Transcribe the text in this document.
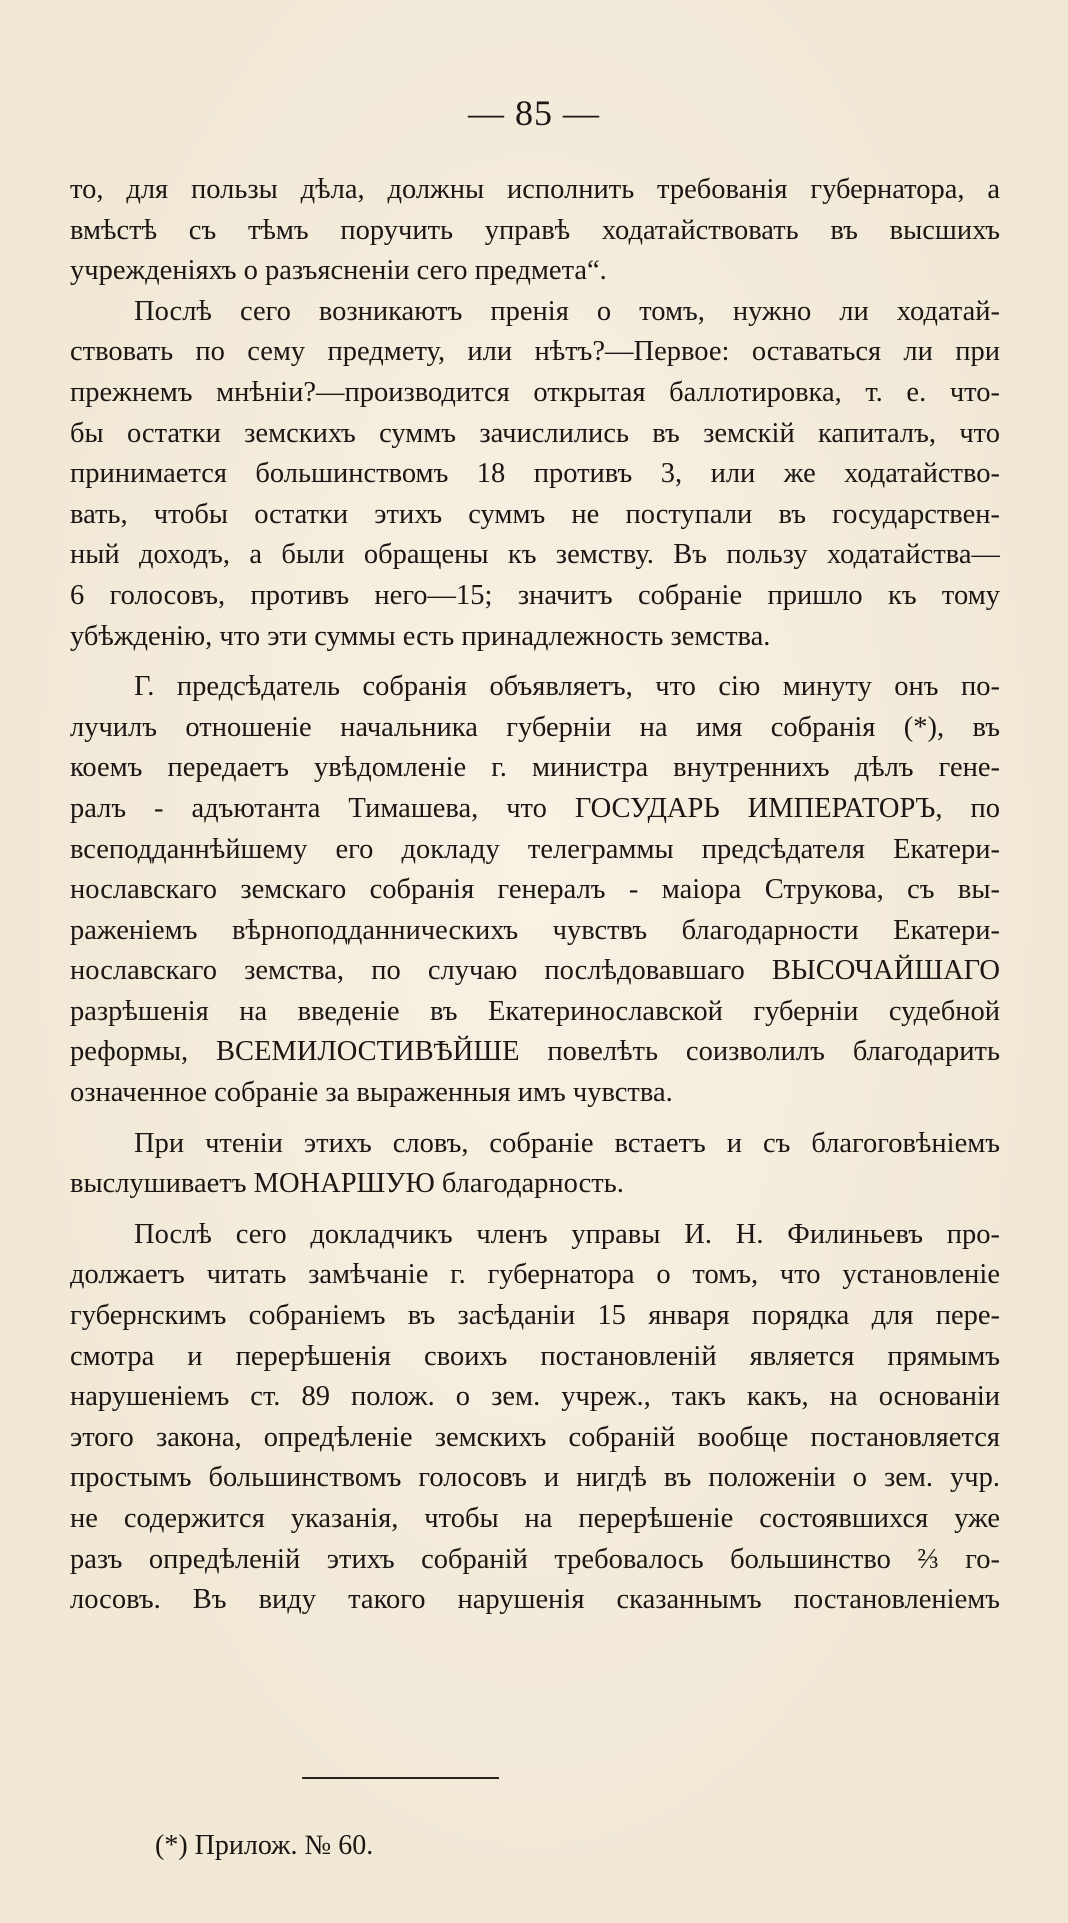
— 85 —
то, для пользы дѣла, должны исполнить требованія губернатора, а
вмѣстѣ съ тѣмъ поручить управѣ ходатайствовать въ высшихъ
учрежденіяхъ о разъясненіи сего предмета“.
Послѣ сего возникаютъ пренія о томъ, нужно ли ходатай-
ствовать по сему предмету, или нѣтъ?—Первое: оставаться ли при
прежнемъ мнѣніи?—производится открытая баллотировка, т. е. что-
бы остатки земскихъ суммъ зачислились въ земскій капиталъ, что
принимается большинствомъ 18 противъ 3, или же ходатайство-
вать, чтобы остатки этихъ суммъ не поступали въ государствен-
ный доходъ, а были обращены къ земству. Въ пользу ходатайства—
6 голосовъ, противъ него—15; значитъ собраніе пришло къ тому
убѣжденію, что эти суммы есть принадлежность земства.
Г. предсѣдатель собранія объявляетъ, что сію минуту онъ по-
лучилъ отношеніе начальника губерніи на имя собранія (*), въ
коемъ передаетъ увѣдомленіе г. министра внутреннихъ дѣлъ гене-
ралъ - адъютанта Тимашева, что ГОСУДАРЬ ИМПЕРАТОРЪ, по
всеподданнѣйшему его докладу телеграммы предсѣдателя Екатери-
нославскаго земскаго собранія генералъ - маіора Струкова, съ вы-
раженіемъ вѣрноподданническихъ чувствъ благодарности Екатери-
нославскаго земства, по случаю послѣдовавшаго ВЫСОЧАЙШАГО
разрѣшенія на введеніе въ Екатеринославской губерніи судебной
реформы, ВСЕМИЛОСТИВѢЙШЕ повелѣть соизволилъ благодарить
означенное собраніе за выраженныя имъ чувства.
При чтеніи этихъ словъ, собраніе встаетъ и съ благоговѣніемъ
выслушиваетъ МОНАРШУЮ благодарность.
Послѣ сего докладчикъ членъ управы И. Н. Филиньевъ про-
должаетъ читать замѣчаніе г. губернатора о томъ, что установленіе
губернскимъ собраніемъ въ засѣданіи 15 января порядка для пере-
смотра и перерѣшенія своихъ постановленій является прямымъ
нарушеніемъ ст. 89 полож. о зем. учреж., такъ какъ, на основаніи
этого закона, опредѣленіе земскихъ собраній вообще постановляется
простымъ большинствомъ голосовъ и нигдѣ въ положеніи о зем. учр.
не содержится указанія, чтобы на перерѣшеніе состоявшихся уже
разъ опредѣленій этихъ собраній требовалось большинство ⅔ го-
лосовъ. Въ виду такого нарушенія сказаннымъ постановленіемъ
(*) Прилож. № 60.
